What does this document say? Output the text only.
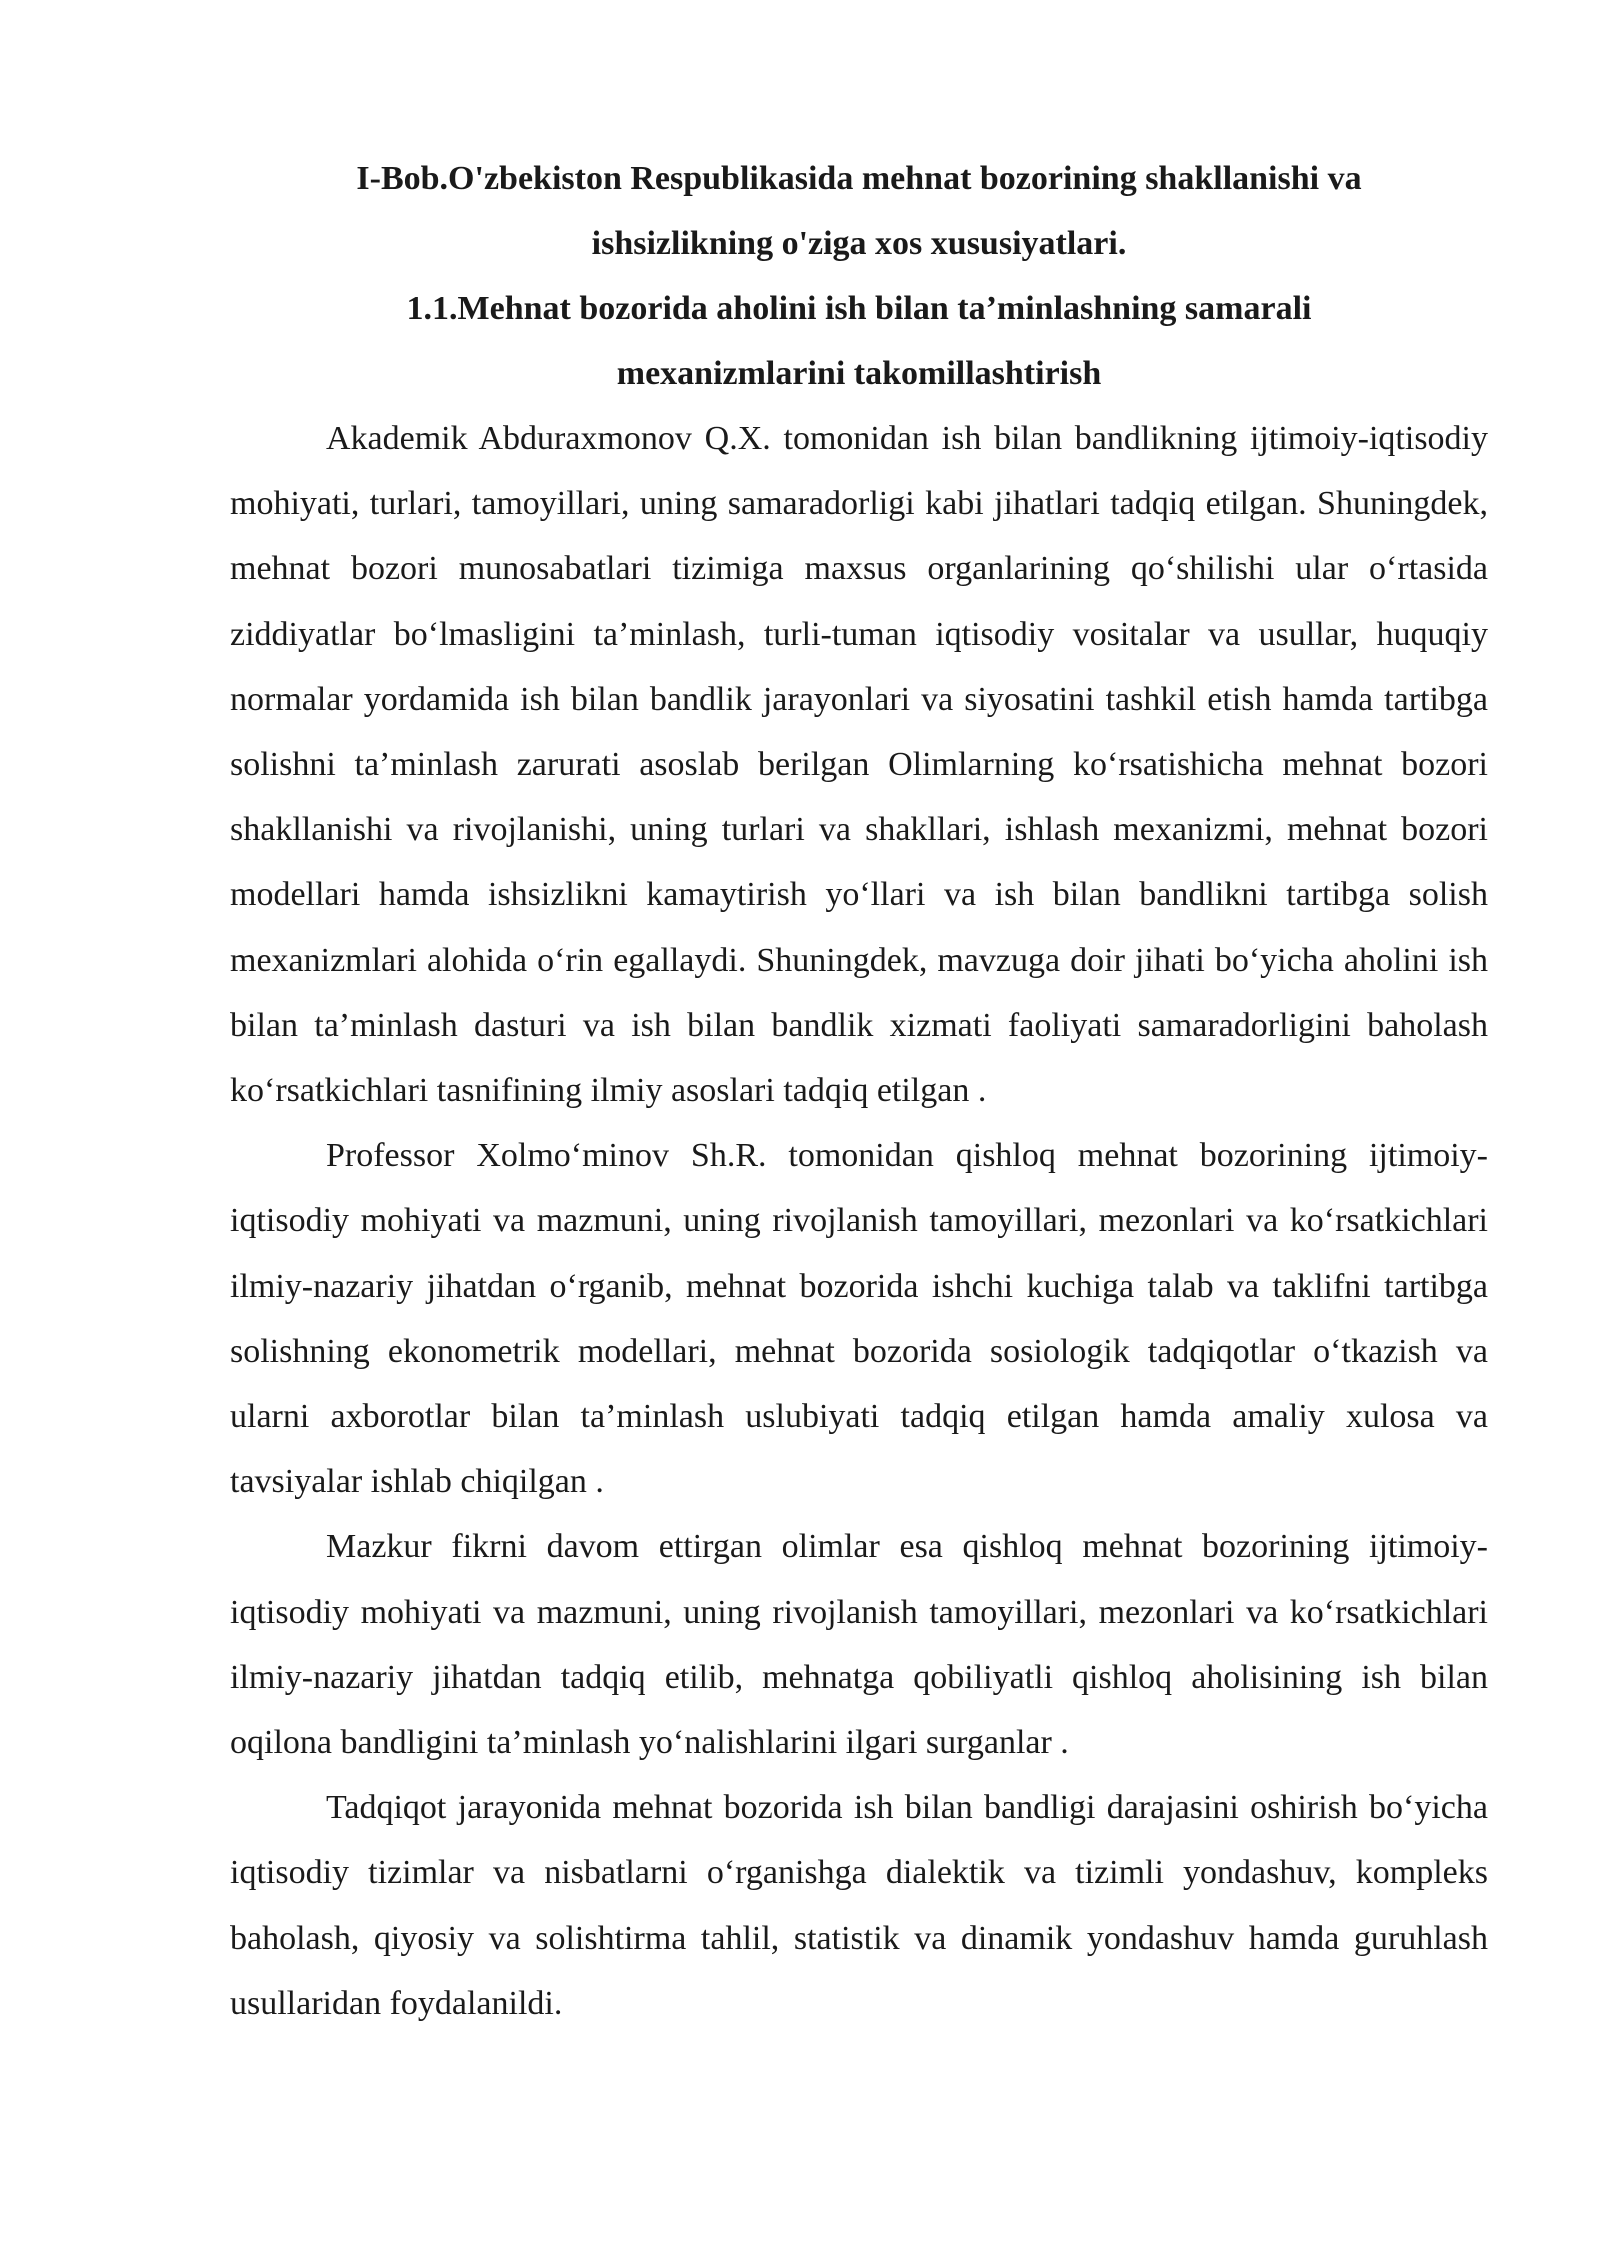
I-Bob.O'zbekiston Respublikasida mehnat bozorining shakllanishi va
ishsizlikning o'ziga xos xususiyatlari.
1.1.Mehnat bozorida aholini ish bilan ta’minlashning samarali
mexanizmlarini takomillashtirish

Akademik Abduraxmonov Q.X. tomonidan ish bilan bandlikning ijtimoiy-iqtisodiy mohiyati, turlari, tamoyillari, uning samaradorligi kabi jihatlari tadqiq etilgan. Shuningdek, mehnat bozori munosabatlari tizimiga maxsus organlarining qo‘shilishi ular o‘rtasida ziddiyatlar bo‘lmasligini ta’minlash, turli-tuman iqtisodiy vositalar va usullar, huquqiy normalar yordamida ish bilan bandlik jarayonlari va siyosatini tashkil etish hamda tartibga solishni ta’minlash zarurati asoslab berilgan Olimlarning ko‘rsatishicha mehnat bozori shakllanishi va rivojlanishi, uning turlari va shakllari, ishlash mexanizmi, mehnat bozori modellari hamda ishsizlikni kamaytirish yo‘llari va ish bilan bandlikni tartibga solish mexanizmlari alohida o‘rin egallaydi. Shuningdek, mavzuga doir jihati bo‘yicha aholini ish bilan ta’minlash dasturi va ish bilan bandlik xizmati faoliyati samaradorligini baholash ko‘rsatkichlari tasnifining ilmiy asoslari tadqiq etilgan .

Professor Xolmo‘minov Sh.R. tomonidan qishloq mehnat bozorining ijtimoiy-iqtisodiy mohiyati va mazmuni, uning rivojlanish tamoyillari, mezonlari va ko‘rsatkichlari ilmiy-nazariy jihatdan o‘rganib, mehnat bozorida ishchi kuchiga talab va taklifni tartibga solishning ekonometrik modellari, mehnat bozorida sosiologik tadqiqotlar o‘tkazish va ularni axborotlar bilan ta’minlash uslubiyati tadqiq etilgan hamda amaliy xulosa va tavsiyalar ishlab chiqilgan .

Mazkur fikrni davom ettirgan olimlar esa qishloq mehnat bozorining ijtimoiy-iqtisodiy mohiyati va mazmuni, uning rivojlanish tamoyillari, mezonlari va ko‘rsatkichlari ilmiy-nazariy jihatdan tadqiq etilib, mehnatga qobiliyatli qishloq aholisining ish bilan oqilona bandligini ta’minlash yo‘nalishlarini ilgari surganlar .

Tadqiqot jarayonida mehnat bozorida ish bilan bandligi darajasini oshirish bo‘yicha iqtisodiy tizimlar va nisbatlarni o‘rganishga dialektik va tizimli yondashuv, kompleks baholash, qiyosiy va solishtirma tahlil, statistik va dinamik yondashuv hamda guruhlash usullaridan foydalanildi.
